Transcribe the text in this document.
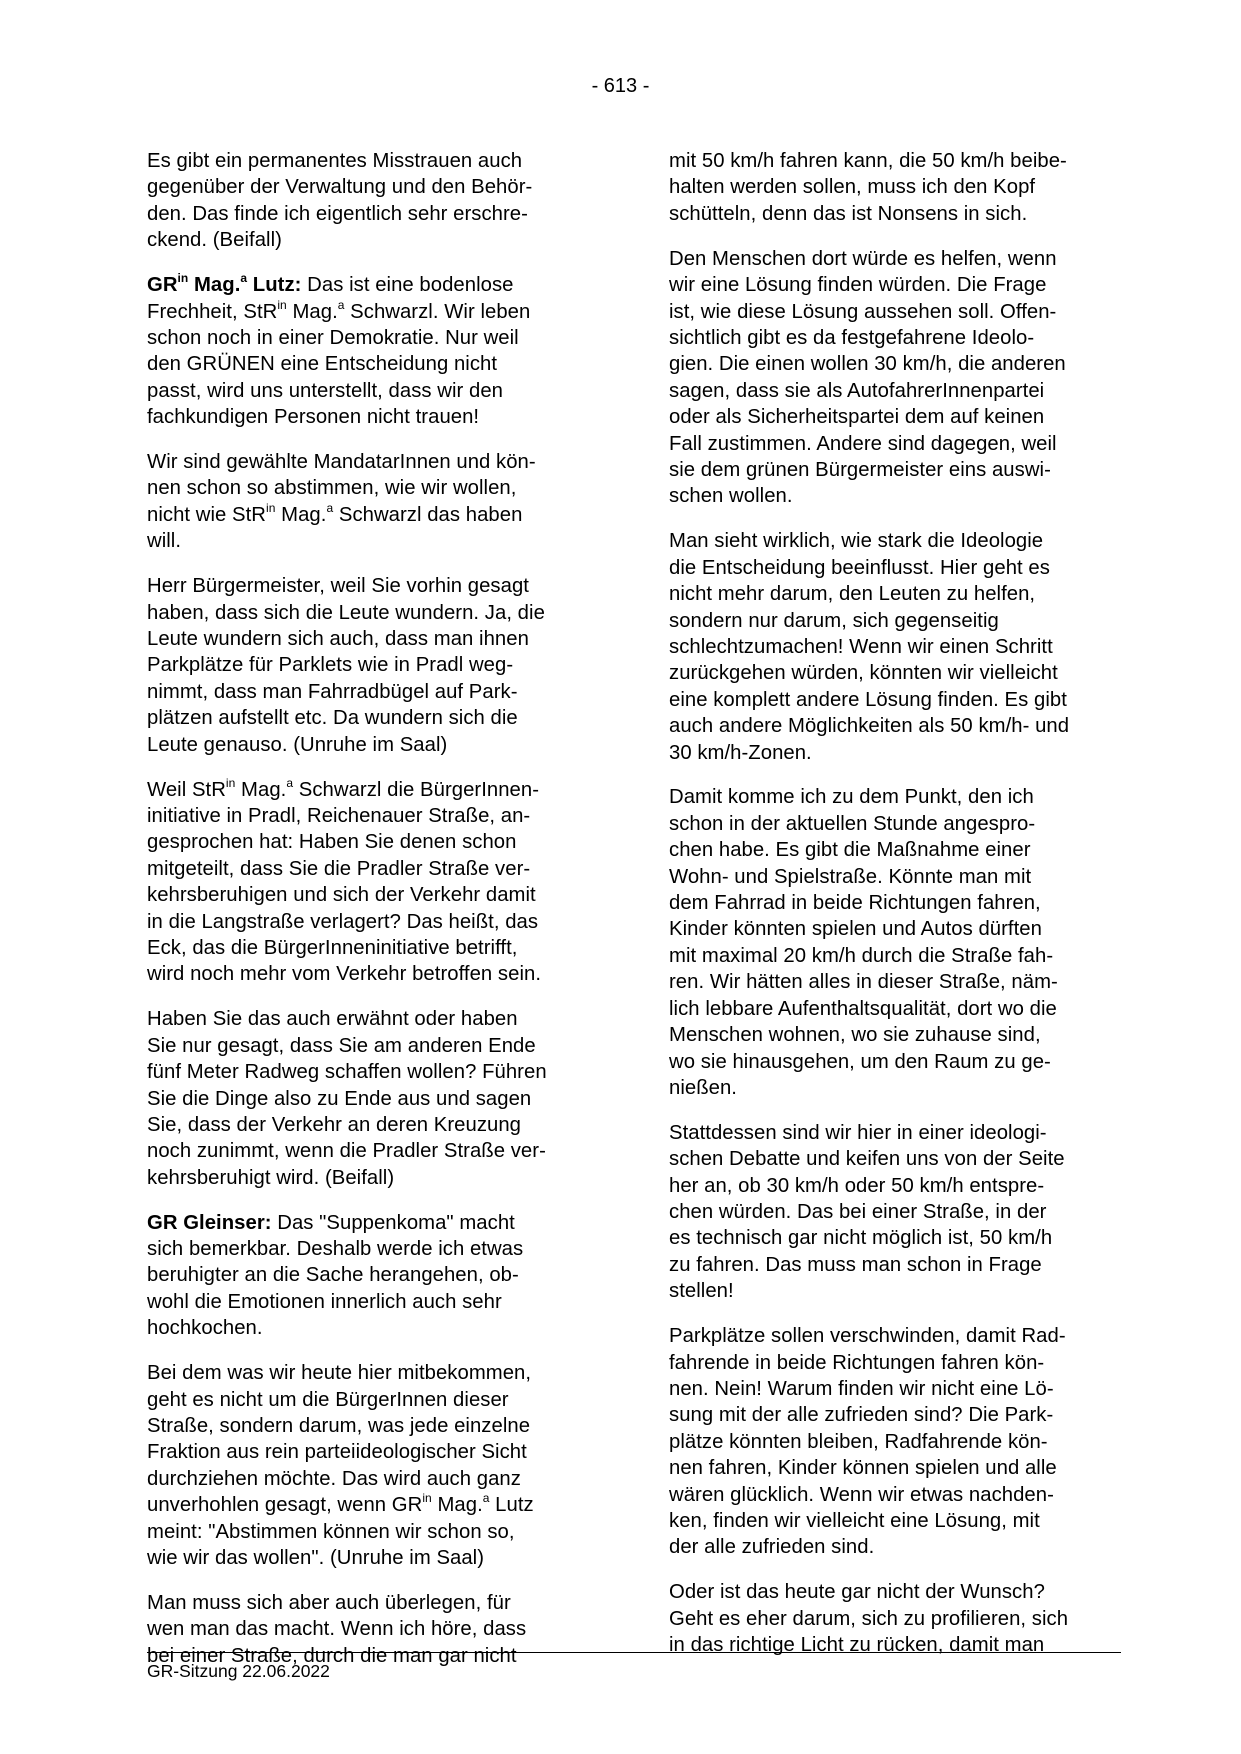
- 613 -

Es gibt ein permanentes Misstrauen auch
gegenüber der Verwaltung und den Behör-
den. Das finde ich eigentlich sehr erschre-
ckend. (Beifall)

$GR^{in}$ Mag.$^a$ Lutz: Das ist eine bodenlose
Frechheit, StR$^{in}$ Mag.$^a$ Schwarzl. Wir leben
schon noch in einer Demokratie. Nur weil
den GRÜNEN eine Entscheidung nicht
passt, wird uns unterstellt, dass wir den
fachkundigen Personen nicht trauen!

Wir sind gewählte MandatarInnen und kön-
nen schon so abstimmen, wie wir wollen,
nicht wie StR$^{in}$ Mag.$^a$ Schwarzl das haben
will.

Herr Bürgermeister, weil Sie vorhin gesagt
haben, dass sich die Leute wundern. Ja, die
Leute wundern sich auch, dass man ihnen
Parkplätze für Parklets wie in Pradl weg-
nimmt, dass man Fahrradbügel auf Park-
plätzen aufstellt etc. Da wundern sich die
Leute genauso. (Unruhe im Saal)

Weil StR$^{in}$ Mag.$^a$ Schwarzl die BürgerInnen-
initiative in Pradl, Reichenauer Straße, an-
gesprochen hat: Haben Sie denen schon
mitgeteilt, dass Sie die Pradler Straße ver-
kehrsberuhigen und sich der Verkehr damit
in die Langstraße verlagert? Das heißt, das
Eck, das die BürgerInneninitiative betrifft,
wird noch mehr vom Verkehr betroffen sein.

Haben Sie das auch erwähnt oder haben
Sie nur gesagt, dass Sie am anderen Ende
fünf Meter Radweg schaffen wollen? Führen
Sie die Dinge also zu Ende aus und sagen
Sie, dass der Verkehr an deren Kreuzung
noch zunimmt, wenn die Pradler Straße ver-
kehrsberuhigt wird. (Beifall)

GR Gleinser: Das "Suppenkoma" macht
sich bemerkbar. Deshalb werde ich etwas
beruhigter an die Sache herangehen, ob-
wohl die Emotionen innerlich auch sehr
hochkochen.

Bei dem was wir heute hier mitbekommen,
geht es nicht um die BürgerInnen dieser
Straße, sondern darum, was jede einzelne
Fraktion aus rein parteiideologischer Sicht
durchziehen möchte. Das wird auch ganz
unverhohlen gesagt, wenn $GR^{in}$ Mag.$^a$ Lutz
meint: "Abstimmen können wir schon so,
wie wir das wollen". (Unruhe im Saal)

Man muss sich aber auch überlegen, für
wen man das macht. Wenn ich höre, dass
bei einer Straße, durch die man gar nicht

mit 50 km/h fahren kann, die 50 km/h beibe-
halten werden sollen, muss ich den Kopf
schütteln, denn das ist Nonsens in sich.

Den Menschen dort würde es helfen, wenn
wir eine Lösung finden würden. Die Frage
ist, wie diese Lösung aussehen soll. Offen-
sichtlich gibt es da festgefahrene Ideolo-
gien. Die einen wollen 30 km/h, die anderen
sagen, dass sie als AutofahrerInnenpartei
oder als Sicherheitspartei dem auf keinen
Fall zustimmen. Andere sind dagegen, weil
sie dem grünen Bürgermeister eins auswi-
schen wollen.

Man sieht wirklich, wie stark die Ideologie
die Entscheidung beeinflusst. Hier geht es
nicht mehr darum, den Leuten zu helfen,
sondern nur darum, sich gegenseitig
schlechtzumachen! Wenn wir einen Schritt
zurückgehen würden, könnten wir vielleicht
eine komplett andere Lösung finden. Es gibt
auch andere Möglichkeiten als 50 km/h- und
30 km/h-Zonen.

Damit komme ich zu dem Punkt, den ich
schon in der aktuellen Stunde angespro-
chen habe. Es gibt die Maßnahme einer
Wohn- und Spielstraße. Könnte man mit
dem Fahrrad in beide Richtungen fahren,
Kinder könnten spielen und Autos dürften
mit maximal 20 km/h durch die Straße fah-
ren. Wir hätten alles in dieser Straße, näm-
lich lebbare Aufenthaltsqualität, dort wo die
Menschen wohnen, wo sie zuhause sind,
wo sie hinausgehen, um den Raum zu ge-
nießen.

Stattdessen sind wir hier in einer ideologi-
schen Debatte und keifen uns von der Seite
her an, ob 30 km/h oder 50 km/h entspre-
chen würden. Das bei einer Straße, in der
es technisch gar nicht möglich ist, 50 km/h
zu fahren. Das muss man schon in Frage
stellen!

Parkplätze sollen verschwinden, damit Rad-
fahrende in beide Richtungen fahren kön-
nen. Nein! Warum finden wir nicht eine Lö-
sung mit der alle zufrieden sind? Die Park-
plätze könnten bleiben, Radfahrende kön-
nen fahren, Kinder können spielen und alle
wären glücklich. Wenn wir etwas nachden-
ken, finden wir vielleicht eine Lösung, mit
der alle zufrieden sind.

Oder ist das heute gar nicht der Wunsch?
Geht es eher darum, sich zu profilieren, sich
in das richtige Licht zu rücken, damit man

GR-Sitzung 22.06.2022
